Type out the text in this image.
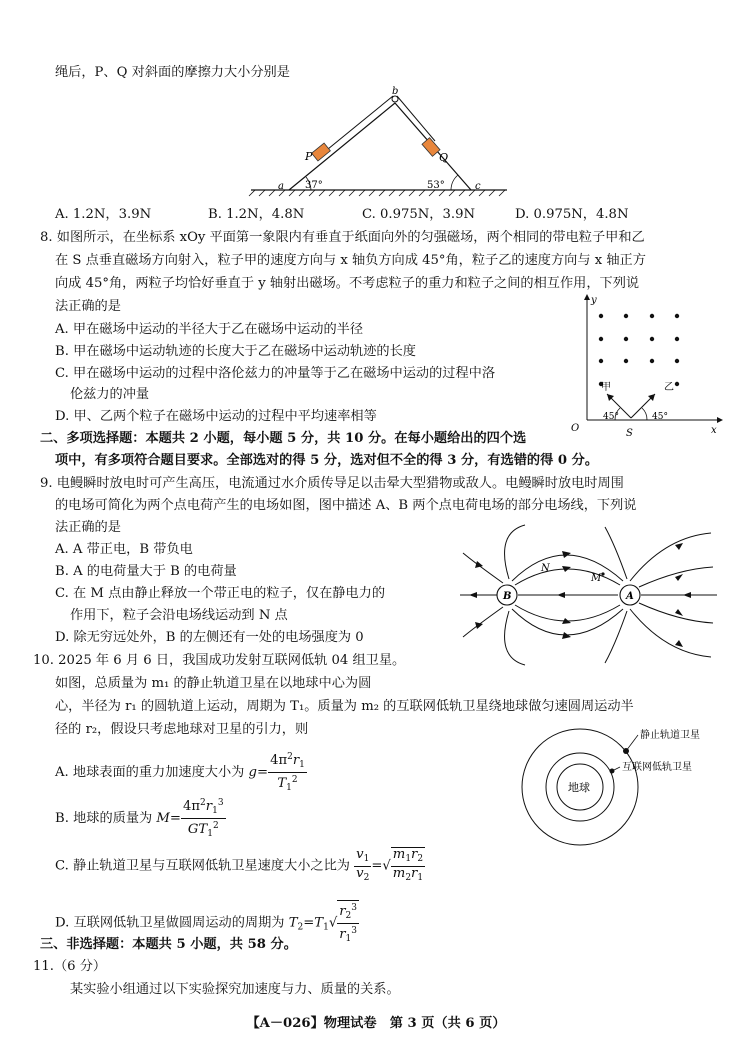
绳后，P、Q 对斜面的摩擦力大小分别是
b
P	Q
a	c
37°	53°
A. 1.2N，3.9N	B. 1.2N，4.8N	C. 0.975N，3.9N	D. 0.975N，4.8N
8. 如图所示，在坐标系 xOy 平面第一象限内有垂直于纸面向外的匀强磁场，两个相同的带电粒子甲和乙
在 S 点垂直磁场方向射入，粒子甲的速度方向与 x 轴负方向成 45°角，粒子乙的速度方向与 x 轴正方
向成 45°角，两粒子均恰好垂直于 y 轴射出磁场。不考虑粒子的重力和粒子之间的相互作用，下列说
法正确的是
A. 甲在磁场中运动的半径大于乙在磁场中运动的半径
B. 甲在磁场中运动轨迹的长度大于乙在磁场中运动轨迹的长度
C. 甲在磁场中运动的过程中洛伦兹力的冲量等于乙在磁场中运动的过程中洛
伦兹力的冲量
D. 甲、乙两个粒子在磁场中运动的过程中平均速率相等
O
y
x
甲	乙
45°	45°
S
二、多项选择题：本题共 2 小题，每小题 5 分，共 10 分。在每小题给出的四个选
项中，有多项符合题目要求。全部选对的得 5 分，选对但不全的得 3 分，有选错的得 0 分。
9. 电鳗瞬时放电时可产生高压，电流通过水介质传导足以击晕大型猎物或敌人。电鳗瞬时放电时周围
的电场可简化为两个点电荷产生的电场如图，图中描述 A、B 两个点电荷电场的部分电场线，下列说
法正确的是
A. A 带正电，B 带负电
B. A 的电荷量大于 B 的电荷量
C. 在 M 点由静止释放一个带正电的粒子，仅在静电力的
作用下，粒子会沿电场线运动到 N 点
D. 除无穷远处外，B 的左侧还有一处的电场强度为 0
B	A
N
M
10. 2025 年 6 月 6 日，我国成功发射互联网低轨 04 组卫星。
如图，总质量为 m₁ 的静止轨道卫星在以地球中心为圆
心，半径为 r₁ 的圆轨道上运动，周期为 T₁。质量为 m₂ 的互联网低轨卫星绕地球做匀速圆周运动半
径的 r₂，假设只考虑地球对卫星的引力，则
A. 地球表面的重力加速度大小为 $g= \frac{4\pi^2r_1}{T_1^2}$
B. 地球的质量为 $M= \frac{4\pi^2r_1^3}{GT_1^2}$
C. 静止轨道卫星与互联网低轨卫星速度大小之比为 $\frac{v_1}{v_2}$ =√ $\frac{m_1r_2}{m_2r_1}$
D. 互联网低轨卫星做圆周运动的周期为 $T_2=T_1√ \frac{r_2^3}{r_1^3}$
地球
静止轨道卫星
互联网低轨卫星
三、非选择题：本题共 5 小题，共 58 分。
11.（6 分）
某实验小组通过以下实验探究加速度与力、质量的关系。
【A－026】物理试卷　第 3 页（共 6 页）
